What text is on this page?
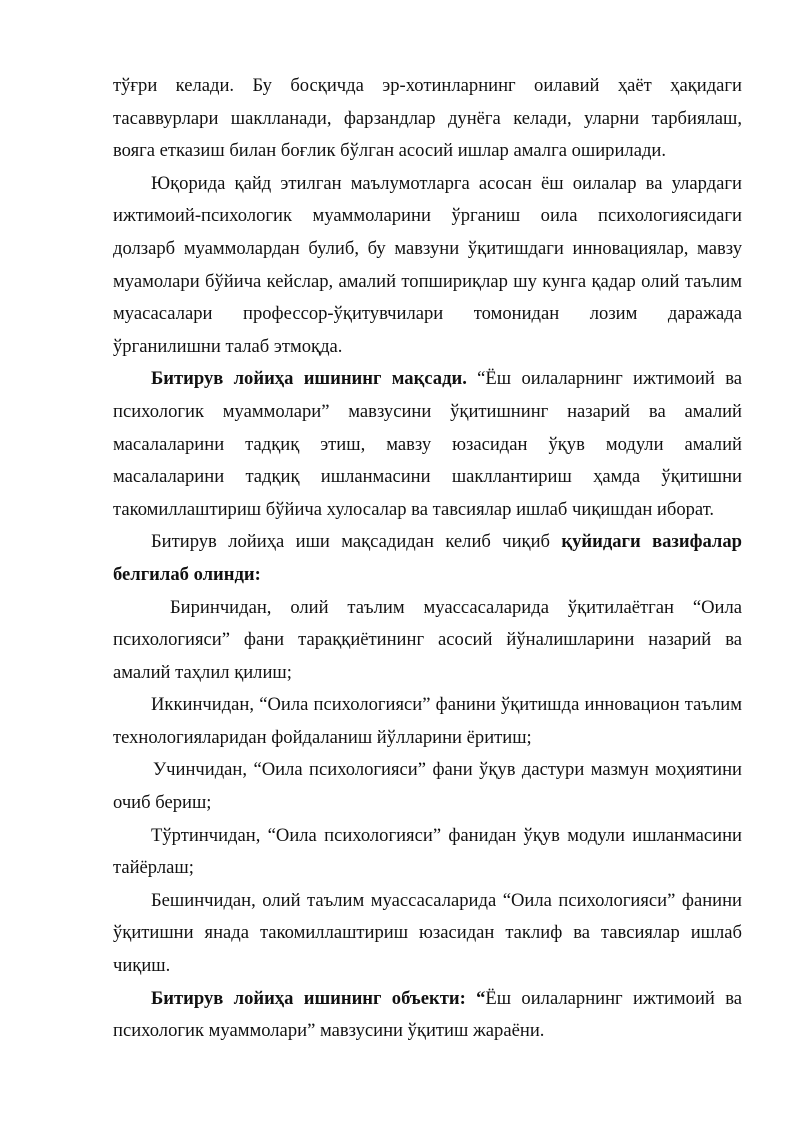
тўғри келади. Бу босқичда эр-хотинларнинг оилавий ҳаёт ҳақидаги тасаввурлари шаклланади, фарзандлар дунёга келади, уларни тарбиялаш, вояга етказиш билан боғлик бўлган асосий ишлар амалга оширилади.

Юқорида қайд этилган маълумотларга асосан ёш оилалар ва улардаги ижтимоий-психологик муаммоларини ўрганиш оила психологиясидаги долзарб муаммолардан булиб, бу мавзуни ўқитишдаги инновациялар, мавзу муамолари бўйича кейслар, амалий топшириқлар шу кунга қадар олий таълим муасасалари профессор-ўқитувчилари томонидан лозим даражада ўрганилишни талаб этмоқда.

Битирув лойиҳа ишининг мақсади. “Ёш оилаларнинг ижтимоий ва психологик муаммолари” мавзусини ўқитишнинг назарий ва амалий масалаларини тадқиқ этиш, мавзу юзасидан ўқув модули амалий масалаларини тадқиқ ишланмасини шакллантириш ҳамда ўқитишни такомиллаштириш бўйича хулосалар ва тавсиялар ишлаб чиқишдан иборат.

Битирув лойиҳа иши мақсадидан келиб чиқиб қуйидаги вазифалар белгилаб олинди:

Биринчидан, олий таълим муассасаларида ўқитилаётган “Оила психологияси” фани тараққиётининг асосий йўналишларини назарий ва амалий таҳлил қилиш;

Иккинчидан, “Оила психологияси” фанини ўқитишда инновацион таълим технологияларидан фойдаланиш йўлларини ёритиш;

Учинчидан, “Оила психологияси” фани ўқув дастури мазмун моҳиятини очиб бериш;

Тўртинчидан, “Оила психологияси” фанидан ўқув модули ишланмасини тайёрлаш;

Бешинчидан, олий таълим муассасаларида “Оила психологияси” фанини ўқитишни янада такомиллаштириш юзасидан таклиф ва тавсиялар ишлаб чиқиш.

Битирув лойиҳа ишининг объекти: “Ёш оилаларнинг ижтимоий ва психологик муаммолари” мавзусини ўқитиш жараёни.
